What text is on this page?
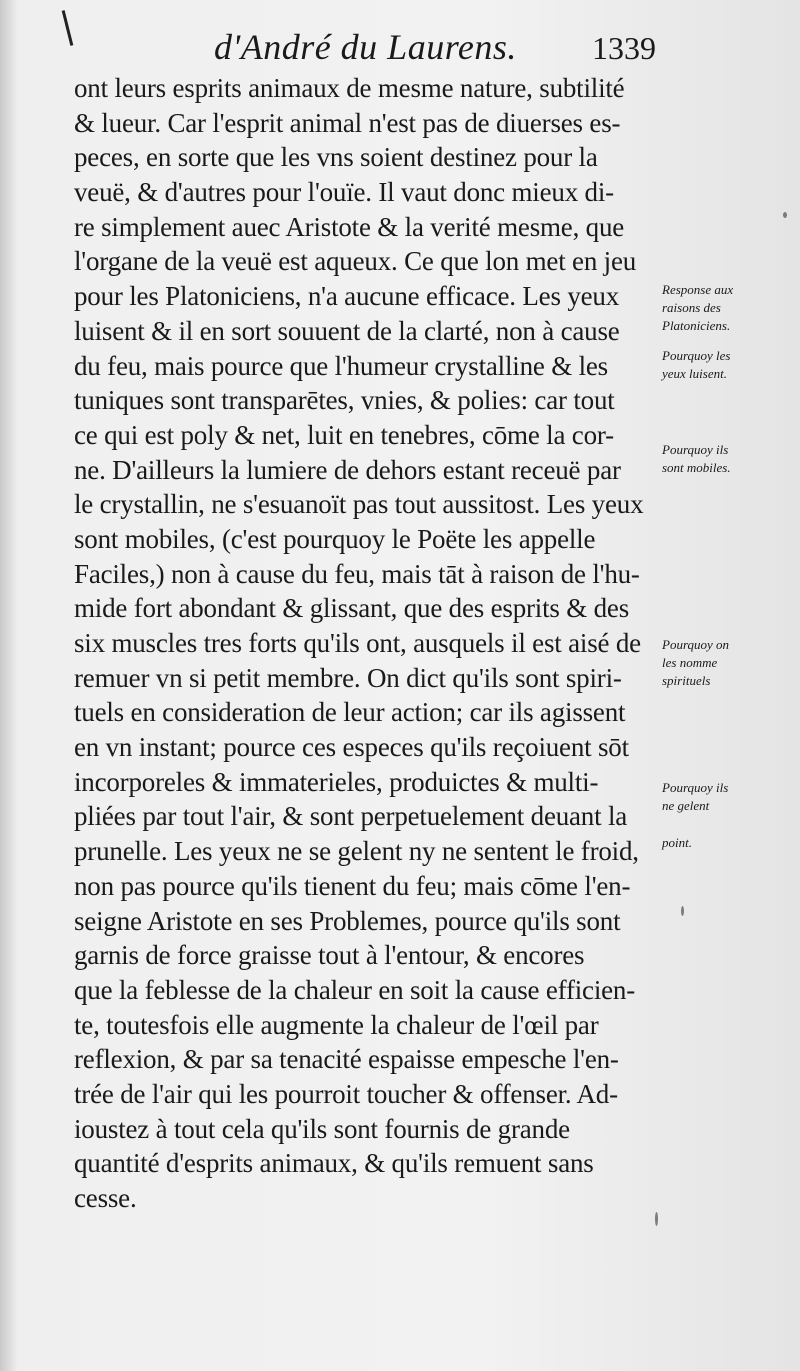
d'André du Laurens. 1339
ont leurs esprits animaux de mesme nature, subtilité
& lueur. Car l'esprit animal n'est pas de diuerses es-
peces, en sorte que les vns soient destinez pour la
veuë, & d'autres pour l'ouïe. Il vaut donc mieux di-
re simplement auec Aristote & la verité mesme, que
l'organe de la veuë est aqueux. Ce que lon met en jeu
pour les Platoniciens, n'a aucune efficace. Les yeux
luisent & il en sort souuent de la clarté, non à cause
du feu, mais pource que l'humeur crystalline & les
tuniques sont transparētes, vnies, & polies: car tout
ce qui est poly & net, luit en tenebres, cōme la cor-
ne. D'ailleurs la lumiere de dehors estant receuë par
le crystallin, ne s'esuanoït pas tout aussitost. Les yeux
sont mobiles, (c'est pourquoy le Poëte les appelle
Faciles,) non à cause du feu, mais tāt à raison de l'hu-
mide fort abondant & glissant, que des esprits & des
six muscles tres forts qu'ils ont, ausquels il est aisé de
remuer vn si petit membre. On dict qu'ils sont spiri-
tuels en consideration de leur action; car ils agissent
en vn instant; pource ces especes qu'ils reçoiuent sōt
incorporeles & immaterieles, produictes & multi-
pliées par tout l'air, & sont perpetuelement deuant la
prunelle. Les yeux ne se gelent ny ne sentent le froid,
non pas pource qu'ils tienent du feu; mais cōme l'en-
seigne Aristote en ses Problemes, pource qu'ils sont
garnis de force graisse tout à l'entour, & encores
que la feblesse de la chaleur en soit la cause efficien-
te, toutesfois elle augmente la chaleur de l'œil par
reflexion, & par sa tenacité espaisse empesche l'en-
trée de l'air qui les pourroit toucher & offenser. Ad-
ioustez à tout cela qu'ils sont fournis de grande
quantité d'esprits animaux, & qu'ils remuent sans
cesse.
Response aux
raisons des
Platoniciens.
Pourquoy les
yeux luisent.
Pourquoy ils
sont mobiles.
Pourquoy on
les nomme
spirituels
Pourquoy ils
ne gelent
point.
